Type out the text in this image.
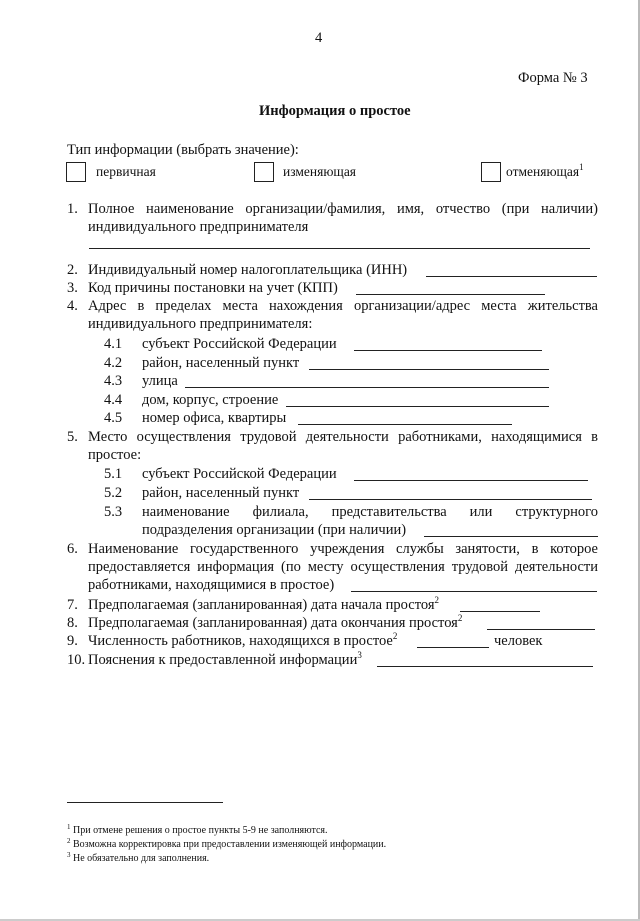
4
Форма № 3
Информация о простое
Тип информации (выбрать значение):
первичная	изменяющая	отменяющая$^1$
1. Полное наименование организации/фамилия, имя, отчество (при наличии)
индивидуального предпринимателя
2. Индивидуальный номер налогоплательщика (ИНН)
3. Код причины постановки на учет (КПП)
4. Адрес в пределах места нахождения организации/адрес места жительства
индивидуального предпринимателя:
4.1 субъект Российской Федерации
4.2 район, населенный пункт
4.3 улица
4.4 дом, корпус, строение
4.5 номер офиса, квартиры
5. Место осуществления трудовой деятельности работниками, находящимися в
простое:
5.1 субъект Российской Федерации
5.2 район, населенный пункт
5.3 наименование филиала, представительства или структурного
подразделения организации (при наличии)
6. Наименование государственного учреждения службы занятости, в которое
предоставляется информация (по месту осуществления трудовой деятельности
работниками, находящимися в простое)
7. Предполагаемая (запланированная) дата начала простоя$^2$
8. Предполагаемая (запланированная) дата окончания простоя$^2$
9. Численность работников, находящихся в простое$^2$	человек
10. Пояснения к предоставленной информации$^3$
$^1$ При отмене решения о простое пункты 5-9 не заполняются.
$^2$ Возможна корректировка при предоставлении изменяющей информации.
$^3$ Не обязательно для заполнения.
